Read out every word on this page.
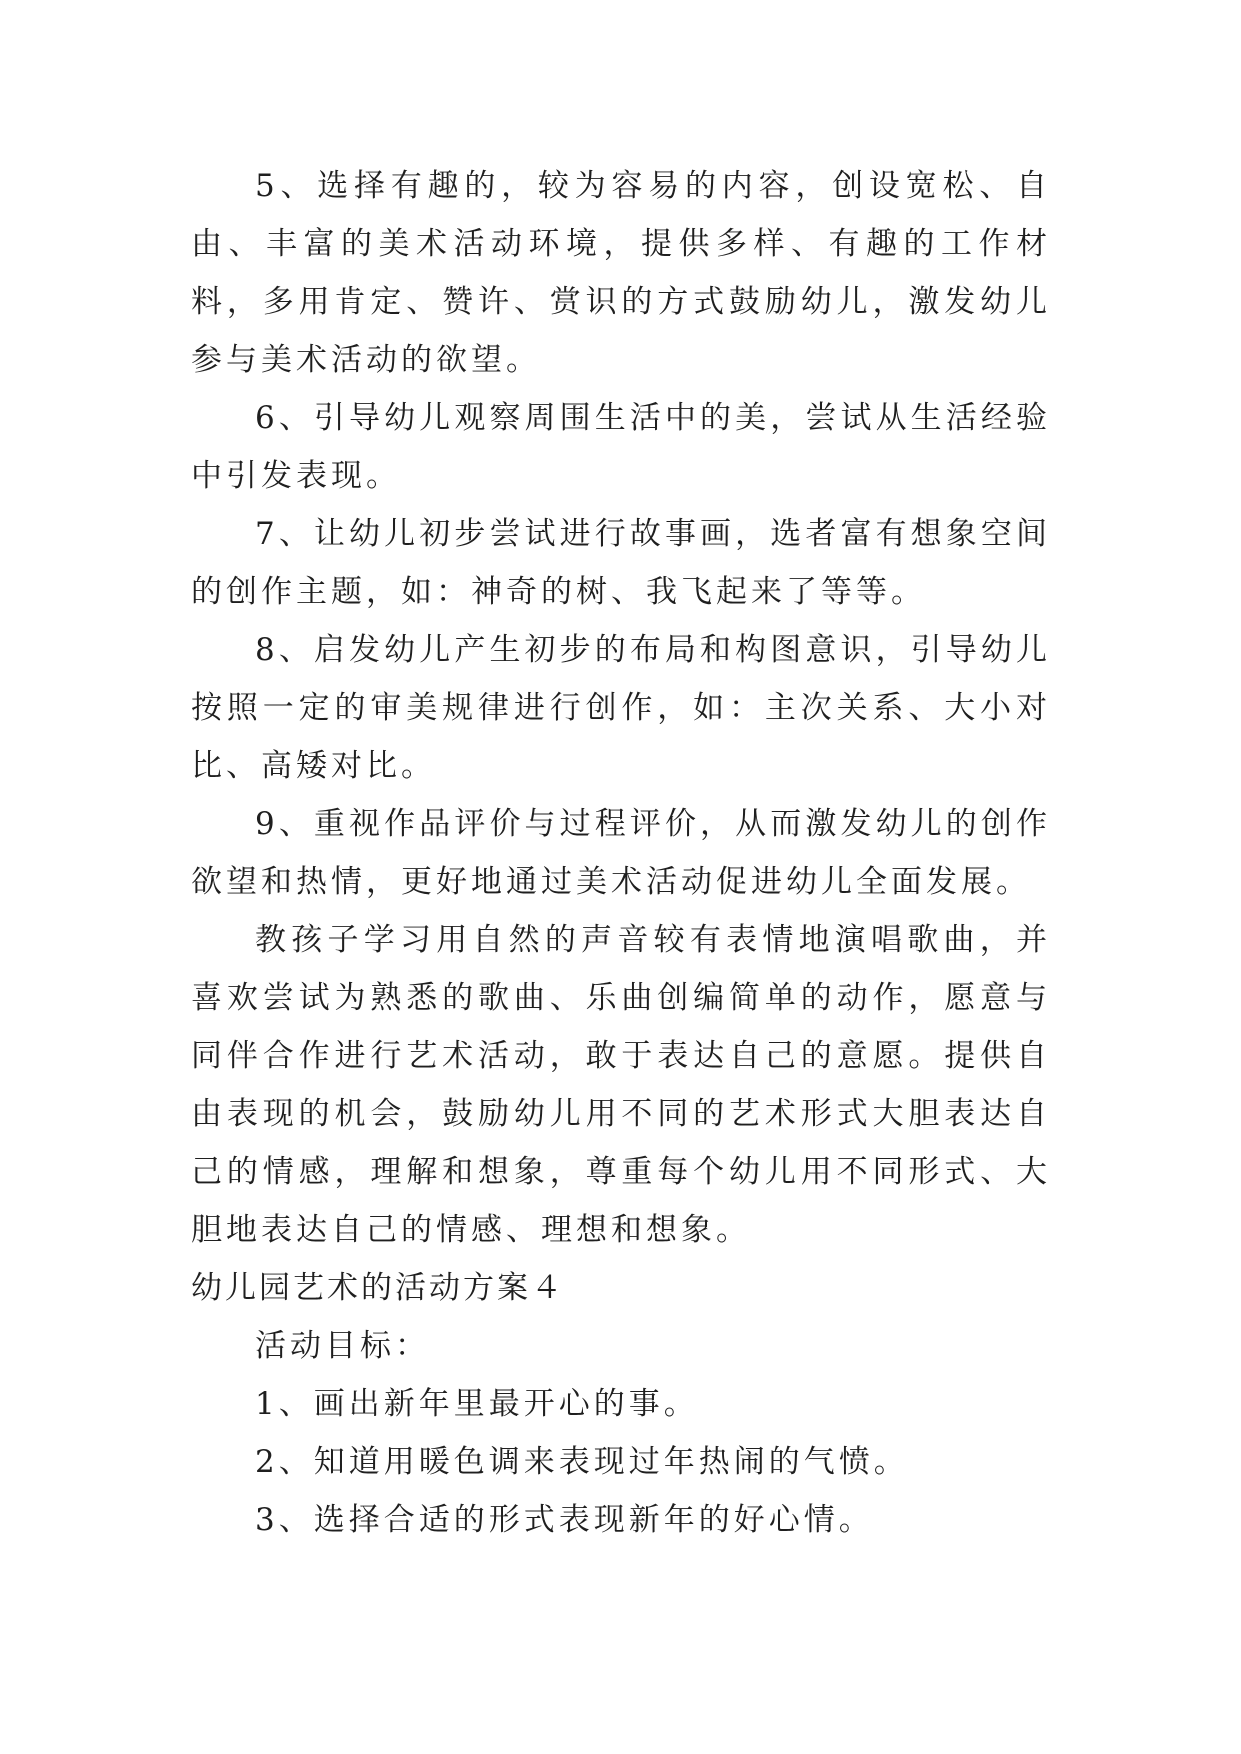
5、选择有趣的，较为容易的内容，创设宽松、自由、丰富的美术活动环境，提供多样、有趣的工作材料，多用肯定、赞许、赏识的方式鼓励幼儿，激发幼儿参与美术活动的欲望。

6、引导幼儿观察周围生活中的美，尝试从生活经验中引发表现。

7、让幼儿初步尝试进行故事画，选者富有想象空间的创作主题，如：神奇的树、我飞起来了等等。

8、启发幼儿产生初步的布局和构图意识，引导幼儿按照一定的审美规律进行创作，如：主次关系、大小对比、高矮对比。

9、重视作品评价与过程评价，从而激发幼儿的创作欲望和热情，更好地通过美术活动促进幼儿全面发展。

教孩子学习用自然的声音较有表情地演唱歌曲，并喜欢尝试为熟悉的歌曲、乐曲创编简单的动作，愿意与同伴合作进行艺术活动，敢于表达自己的意愿。提供自由表现的机会，鼓励幼儿用不同的艺术形式大胆表达自己的情感，理解和想象，尊重每个幼儿用不同形式、大胆地表达自己的情感、理想和想象。

幼儿园艺术的活动方案４

活动目标：

1、画出新年里最开心的事。

2、知道用暖色调来表现过年热闹的气愤。

3、选择合适的形式表现新年的好心情。
